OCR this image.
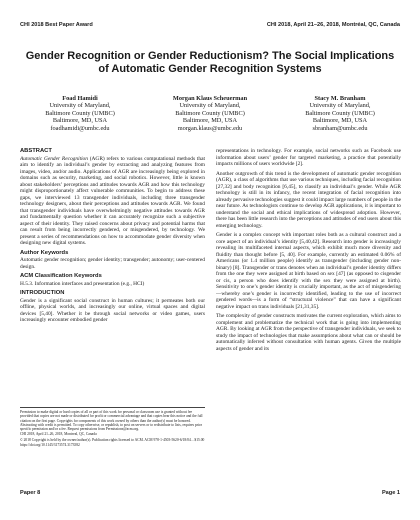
CHI 2018 Best Paper Award	CHI 2018, April 21–26, 2018, Montréal, QC, Canada
Gender Recognition or Gender Reductionism? The Social Implications of Automatic Gender Recognition Systems
Foad Hamidi
University of Maryland,
Baltimore County (UMBC)
Baltimore, MD, USA
foadhamidi@umbc.edu
Morgan Klaus Scheuerman
University of Maryland,
Baltimore County (UMBC)
Baltimore, MD, USA
morgan.klaus@umbc.edu
Stacy M. Branham
University of Maryland,
Baltimore County (UMBC)
Baltimore, MD, USA
sbranham@umbc.edu
ABSTRACT

Automatic Gender Recognition (AGR) refers to various computational methods that aim to identify an individual’s gender by extracting and analyzing features from images, video, and/or audio. Applications of AGR are increasingly being explored in domains such as security, marketing, and social robotics. However, little is known about stakeholders’ perceptions and attitudes towards AGR and how this technology might disproportionately affect vulnerable communities. To begin to address these gaps, we interviewed 13 transgender individuals, including three transgender technology designers, about their perceptions and attitudes towards AGR. We found that transgender individuals have overwhelmingly negative attitudes towards AGR and fundamentally question whether it can accurately recognize such a subjective aspect of their identity. They raised concerns about privacy and potential harms that can result from being incorrectly gendered, or misgendered, by technology. We present a series of recommendations on how to accommodate gender diversity when designing new digital systems.

Author Keywords

Automatic gender recognition; gender identity; transgender; autonomy; user-centered design.

ACM Classification Keywords

H.5.3. Information interfaces and presentation (e.g., HCI)

INTRODUCTION

Gender is a significant social construct in human cultures; it permeates both our offline, physical worlds, and increasingly our online, virtual spaces and digital devices [5,40]. Whether it be through social networks or video games, users increasingly encounter embodied gender

Permission to make digital or hard copies of all or part of this work for personal or classroom use is granted without fee provided that copies are not made or distributed for profit or commercial advantage and that copies bear this notice and the full citation on the first page. Copyrights for components of this work owned by others than the author(s) must be honored. Abstracting with credit is permitted. To copy otherwise, or republish, to post on servers or to redistribute to lists, requires prior specific permission and/or a fee. Request permissions from Permissions@acm.org.

CHI 2018, April 21–26, 2018, Montreal, QC, Canada

© 2018 Copyright is held by the owner/author(s). Publication rights licensed to ACM. ACM 978-1-4503-5620-6/18/04…$15.00

https://doi.org/10.1145/3173574.3173582

representations in technology. For example, social networks such as Facebook use information about users’ gender for targeted marketing, a practice that potentially impacts millions of users worldwide [2].

Another outgrowth of this trend is the development of automatic gender recognition (AGR), a class of algorithms that use various techniques, including facial recognition [27,32] and body recognition [6,45], to classify an individual’s gender. While AGR technology is still in its infancy, the recent integration of facial recognition into already pervasive technologies suggest it could impact large numbers of people in the near future. As technologists continue to develop AGR applications, it is important to understand the social and ethical implications of widespread adoption. However, there has been little research into the perceptions and attitudes of end users about this emerging technology.

Gender is a complex concept with important roles both as a cultural construct and a core aspect of an individual’s identity [5,40,42]. Research into gender is increasingly revealing its multifaceted internal aspects, which exhibit much more diversity and fluidity than thought before [5, 40]. For example, currently an estimated 0.06% of Americans (or 1.4 million people) identify as transgender (including gender non-binary) [8]. Transgender or trans denotes when an individual’s gender identity differs from the one they were assigned at birth based on sex [47] (as opposed to cisgender or cis, a person who does identify with the sex they were assigned at birth). Sensitivity to one’s gender identity is crucially important, as the act of misgendering—whereby one’s gender is incorrectly identified, leading to the use of incorrect gendered words—is a form of “structural violence” that can have a significant negative impact on trans individuals [21,31,35].

The complexity of gender constructs motivates the current exploration, which aims to complement and problematize the technical work that is going into implementing AGR. By looking at AGR from the perspective of transgender individuals, we seek to study the impact of technologies that make assumptions about what can or should be automatically inferred without consultation with human agents. Given the multiple aspects of gender and its

Paper 8	Page 1
